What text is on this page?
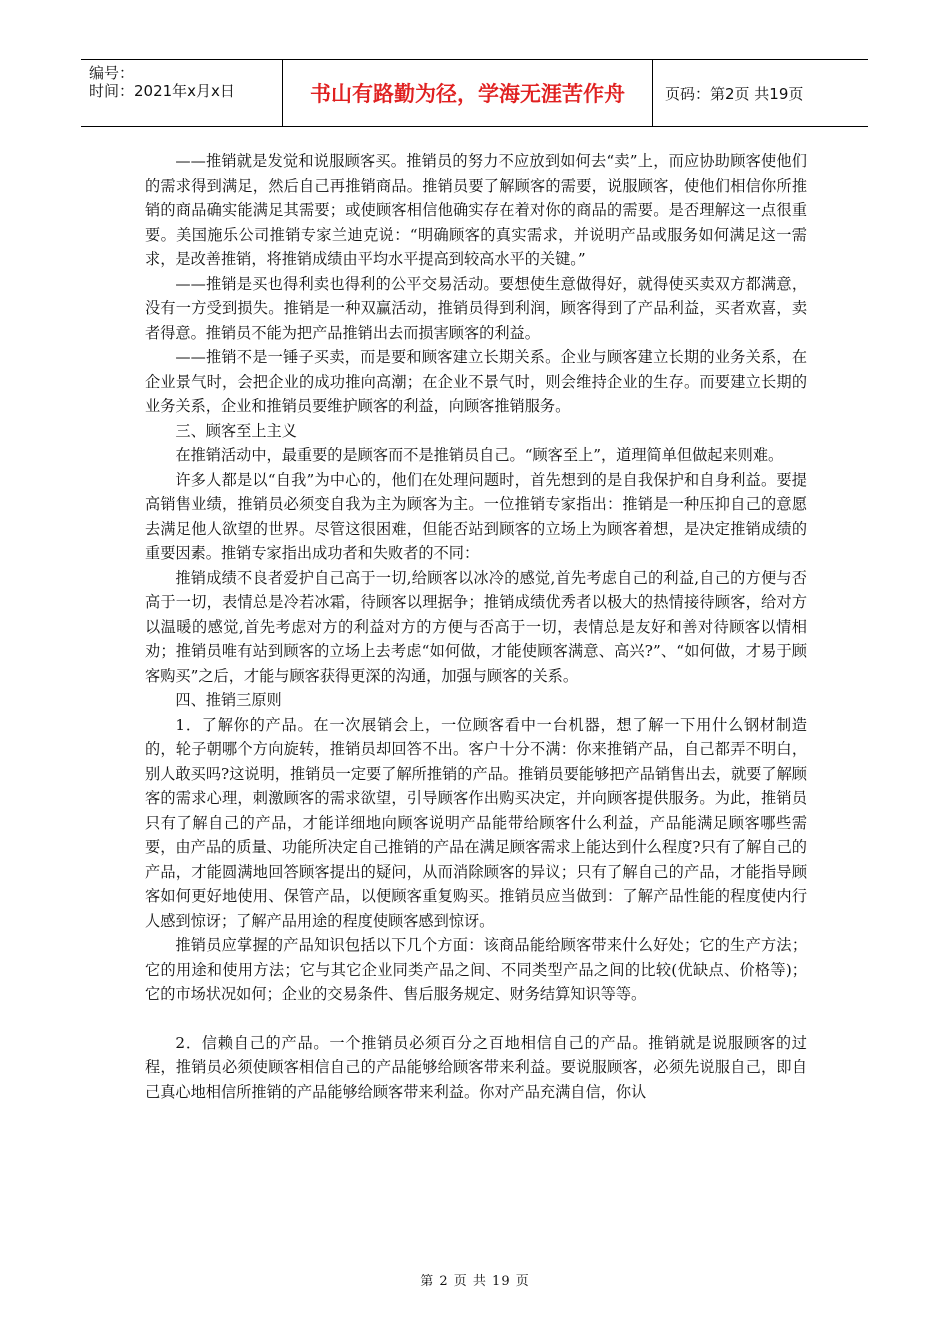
编号：
时间：2021年x月x日	书山有路勤为径，学海无涯苦作舟	页码：第2页 共19页

——推销就是发觉和说服顾客买。推销员的努力不应放到如何去“卖”上，而应协助顾客使他们的需求得到满足，然后自己再推销商品。推销员要了解顾客的需要，说服顾客，使他们相信你所推销的商品确实能满足其需要；或使顾客相信他确实存在着对你的商品的需要。是否理解这一点很重要。美国施乐公司推销专家兰迪克说：“明确顾客的真实需求，并说明产品或服务如何满足这一需求，是改善推销，将推销成绩由平均水平提高到较高水平的关键。”

——推销是买也得利卖也得利的公平交易活动。要想使生意做得好，就得使买卖双方都满意，没有一方受到损失。推销是一种双赢活动，推销员得到利润，顾客得到了产品利益，买者欢喜，卖者得意。推销员不能为把产品推销出去而损害顾客的利益。

——推销不是一锤子买卖，而是要和顾客建立长期关系。企业与顾客建立长期的业务关系，在企业景气时，会把企业的成功推向高潮；在企业不景气时，则会维持企业的生存。而要建立长期的业务关系，企业和推销员要维护顾客的利益，向顾客推销服务。

三、顾客至上主义

在推销活动中，最重要的是顾客而不是推销员自己。“顾客至上”，道理简单但做起来则难。

许多人都是以“自我”为中心的，他们在处理问题时，首先想到的是自我保护和自身利益。要提高销售业绩，推销员必须变自我为主为顾客为主。一位推销专家指出：推销是一种压抑自己的意愿去满足他人欲望的世界。尽管这很困难，但能否站到顾客的立场上为顾客着想，是决定推销成绩的重要因素。推销专家指出成功者和失败者的不同：

推销成绩不良者爱护自己高于一切,给顾客以冰冷的感觉,首先考虑自己的利益,自己的方便与否高于一切，表情总是冷若冰霜，待顾客以理据争；推销成绩优秀者以极大的热情接待顾客，给对方以温暖的感觉,首先考虑对方的利益对方的方便与否高于一切，表情总是友好和善对待顾客以情相劝；推销员唯有站到顾客的立场上去考虑“如何做，才能使顾客满意、高兴?”、“如何做，才易于顾客购买”之后，才能与顾客获得更深的沟通，加强与顾客的关系。

四、推销三原则

1．了解你的产品。在一次展销会上，一位顾客看中一台机器，想了解一下用什么钢材制造的，轮子朝哪个方向旋转，推销员却回答不出。客户十分不满：你来推销产品，自己都弄不明白，别人敢买吗?这说明，推销员一定要了解所推销的产品。推销员要能够把产品销售出去，就要了解顾客的需求心理，刺激顾客的需求欲望，引导顾客作出购买决定，并向顾客提供服务。为此，推销员只有了解自己的产品，才能详细地向顾客说明产品能带给顾客什么利益，产品能满足顾客哪些需要，由产品的质量、功能所决定自己推销的产品在满足顾客需求上能达到什么程度?只有了解自己的产品，才能圆满地回答顾客提出的疑问，从而消除顾客的异议；只有了解自己的产品，才能指导顾客如何更好地使用、保管产品，以便顾客重复购买。推销员应当做到：了解产品性能的程度使内行人感到惊讶；了解产品用途的程度使顾客感到惊讶。

推销员应掌握的产品知识包括以下几个方面：该商品能给顾客带来什么好处；它的生产方法；它的用途和使用方法；它与其它企业同类产品之间、不同类型产品之间的比较(优缺点、价格等)；它的市场状况如何；企业的交易条件、售后服务规定、财务结算知识等等。

2．信赖自己的产品。一个推销员必须百分之百地相信自己的产品。推销就是说服顾客的过程，推销员必须使顾客相信自己的产品能够给顾客带来利益。要说服顾客，必须先说服自己，即自己真心地相信所推销的产品能够给顾客带来利益。你对产品充满自信，你认

第 2 页 共 19 页
